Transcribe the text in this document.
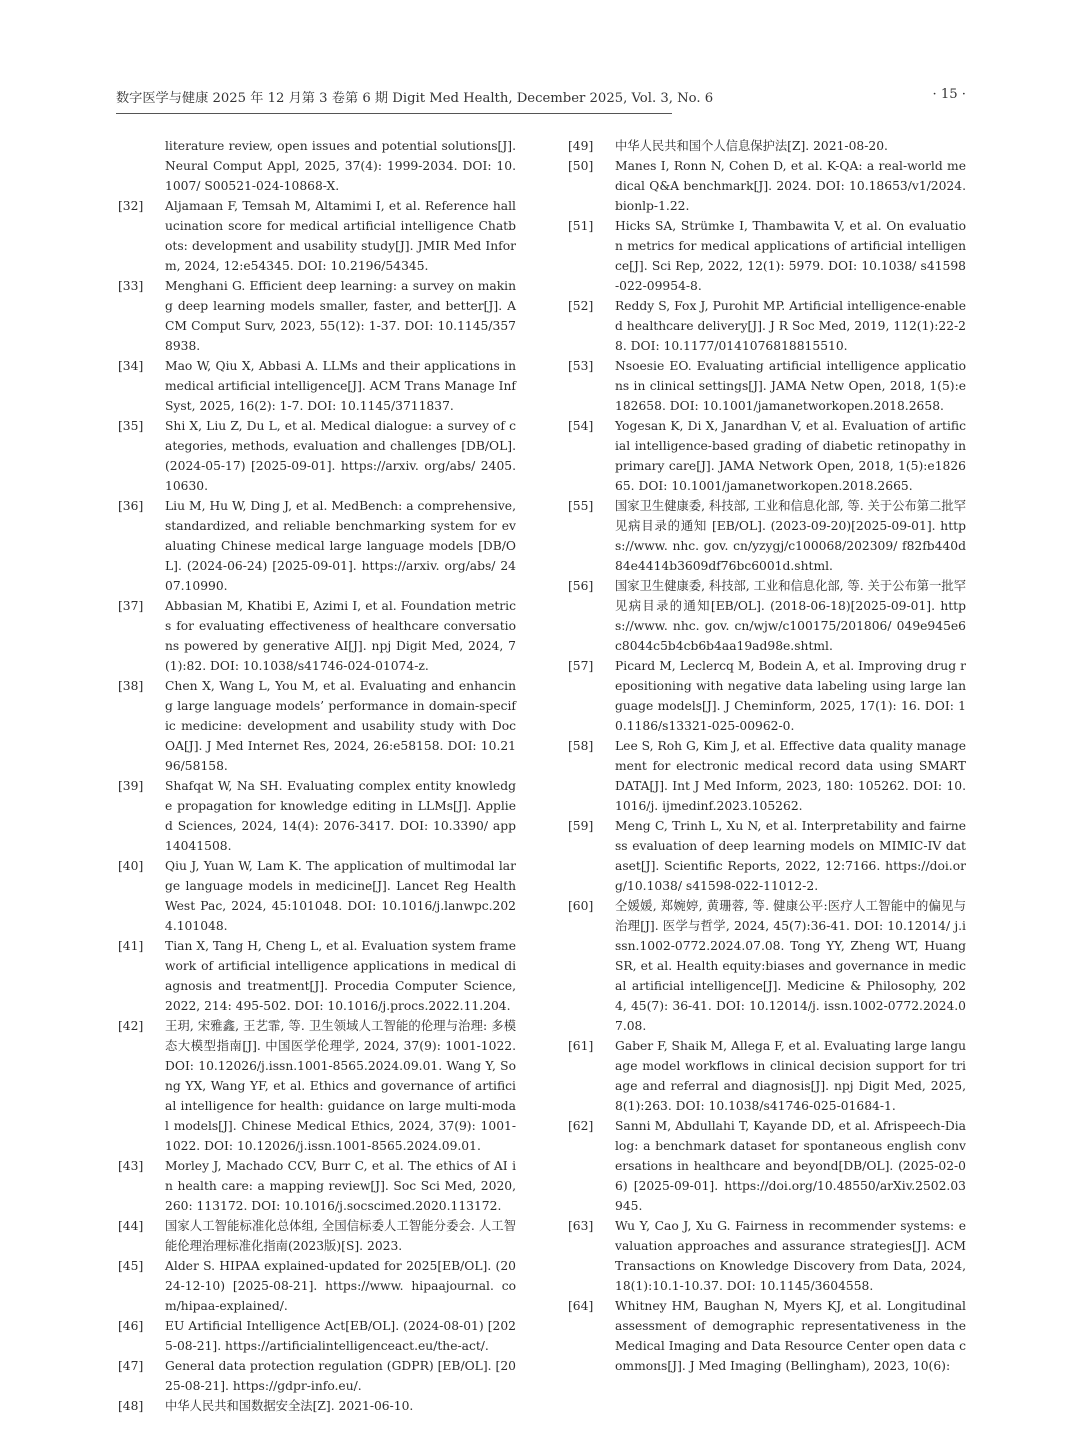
数字医学与健康 2025 年 12 月第 3 卷第 6 期 Digit Med Health, December 2025, Vol. 3, No. 6	· 15 ·
literature review, open issues and potential solutions[J]. Neural Comput Appl, 2025, 37(4): 1999-2034. DOI: 10.1007/ S00521-024-10868-X.
[32]	Aljamaan F, Temsah M, Altamimi I, et al. Reference hallucination score for medical artificial intelligence Chatbots: development and usability study[J]. JMIR Med Inform, 2024, 12:e54345. DOI: 10.2196/54345.
[33]	Menghani G. Efficient deep learning: a survey on making deep learning models smaller, faster, and better[J]. ACM Comput Surv, 2023, 55(12): 1-37. DOI: 10.1145/3578938.
[34]	Mao W, Qiu X, Abbasi A. LLMs and their applications in medical artificial intelligence[J]. ACM Trans Manage Inf Syst, 2025, 16(2): 1-7. DOI: 10.1145/3711837.
[35]	Shi X, Liu Z, Du L, et al. Medical dialogue: a survey of categories, methods, evaluation and challenges [DB/OL]. (2024-05-17) [2025-09-01]. https://arxiv. org/abs/ 2405.10630.
[36]	Liu M, Hu W, Ding J, et al. MedBench: a comprehensive, standardized, and reliable benchmarking system for evaluating Chinese medical large language models [DB/OL]. (2024-06-24) [2025-09-01]. https://arxiv. org/abs/ 2407.10990.
[37]	Abbasian M, Khatibi E, Azimi I, et al. Foundation metrics for evaluating effectiveness of healthcare conversations powered by generative AI[J]. npj Digit Med, 2024, 7(1):82. DOI: 10.1038/s41746-024-01074-z.
[38]	Chen X, Wang L, You M, et al. Evaluating and enhancing large language models’ performance in domain-specific medicine: development and usability study with DocOA[J]. J Med Internet Res, 2024, 26:e58158. DOI: 10.2196/58158.
[39]	Shafqat W, Na SH. Evaluating complex entity knowledge propagation for knowledge editing in LLMs[J]. Applied Sciences, 2024, 14(4): 2076-3417. DOI: 10.3390/ app14041508.
[40]	Qiu J, Yuan W, Lam K. The application of multimodal large language models in medicine[J]. Lancet Reg Health West Pac, 2024, 45:101048. DOI: 10.1016/j.lanwpc.2024.101048.
[41]	Tian X, Tang H, Cheng L, et al. Evaluation system framework of artificial intelligence applications in medical diagnosis and treatment[J]. Procedia Computer Science, 2022, 214: 495-502. DOI: 10.1016/j.procs.2022.11.204.
[42]	王玥, 宋雅鑫, 王艺霏, 等. 卫生领域人工智能的伦理与治理: 多模态大模型指南[J]. 中国医学伦理学, 2024, 37(9): 1001-1022. DOI: 10.12026/j.issn.1001-8565.2024.09.01. Wang Y, Song YX, Wang YF, et al. Ethics and governance of artificial intelligence for health: guidance on large multi-modal models[J]. Chinese Medical Ethics, 2024, 37(9): 1001-1022. DOI: 10.12026/j.issn.1001-8565.2024.09.01.
[43]	Morley J, Machado CCV, Burr C, et al. The ethics of AI in health care: a mapping review[J]. Soc Sci Med, 2020, 260: 113172. DOI: 10.1016/j.socscimed.2020.113172.
[44]	国家人工智能标准化总体组, 全国信标委人工智能分委会. 人工智能伦理治理标准化指南(2023版)[S]. 2023.
[45]	Alder S. HIPAA explained-updated for 2025[EB/OL]. (2024-12-10) [2025-08-21]. https://www. hipaajournal. com/hipaa-explained/.
[46]	EU Artificial Intelligence Act[EB/OL]. (2024-08-01) [2025-08-21]. https://artificialintelligenceact.eu/the-act/.
[47]	General data protection regulation (GDPR) [EB/OL]. [2025-08-21]. https://gdpr-info.eu/.
[48]	中华人民共和国数据安全法[Z]. 2021-06-10.
[49]	中华人民共和国个人信息保护法[Z]. 2021-08-20.
[50]	Manes I, Ronn N, Cohen D, et al. K-QA: a real-world medical Q&A benchmark[J]. 2024. DOI: 10.18653/v1/2024. bionlp-1.22.
[51]	Hicks SA, Strümke I, Thambawita V, et al. On evaluation metrics for medical applications of artificial intelligence[J]. Sci Rep, 2022, 12(1): 5979. DOI: 10.1038/ s41598-022-09954-8.
[52]	Reddy S, Fox J, Purohit MP. Artificial intelligence-enabled healthcare delivery[J]. J R Soc Med, 2019, 112(1):22-28. DOI: 10.1177/0141076818815510.
[53]	Nsoesie EO. Evaluating artificial intelligence applications in clinical settings[J]. JAMA Netw Open, 2018, 1(5):e182658. DOI: 10.1001/jamanetworkopen.2018.2658.
[54]	Yogesan K, Di X, Janardhan V, et al. Evaluation of artificial intelligence-based grading of diabetic retinopathy in primary care[J]. JAMA Network Open, 2018, 1(5):e182665. DOI: 10.1001/jamanetworkopen.2018.2665.
[55]	国家卫生健康委, 科技部, 工业和信息化部, 等. 关于公布第二批罕见病目录的通知 [EB/OL]. (2023-09-20)[2025-09-01]. https://www. nhc. gov. cn/yzygj/c100068/202309/ f82fb440d84e4414b3609df76bc6001d.shtml.
[56]	国家卫生健康委, 科技部, 工业和信息化部, 等. 关于公布第一批罕见病目录的通知[EB/OL]. (2018-06-18)[2025-09-01]. https://www. nhc. gov. cn/wjw/c100175/201806/ 049e945e6c8044c5b4cb6b4aa19ad98e.shtml.
[57]	Picard M, Leclercq M, Bodein A, et al. Improving drug repositioning with negative data labeling using large language models[J]. J Cheminform, 2025, 17(1): 16. DOI: 10.1186/s13321-025-00962-0.
[58]	Lee S, Roh G, Kim J, et al. Effective data quality management for electronic medical record data using SMART DATA[J]. Int J Med Inform, 2023, 180: 105262. DOI: 10.1016/j. ijmedinf.2023.105262.
[59]	Meng C, Trinh L, Xu N, et al. Interpretability and fairness evaluation of deep learning models on MIMIC-IV dataset[J]. Scientific Reports, 2022, 12:7166. https://doi.org/10.1038/ s41598-022-11012-2.
[60]	仝媛媛, 郑婉婷, 黄珊蓉, 等. 健康公平:医疗人工智能中的偏见与治理[J]. 医学与哲学, 2024, 45(7):36-41. DOI: 10.12014/ j.issn.1002-0772.2024.07.08. Tong YY, Zheng WT, Huang SR, et al. Health equity:biases and governance in medical artificial intelligence[J]. Medicine & Philosophy, 2024, 45(7): 36-41. DOI: 10.12014/j. issn.1002-0772.2024.07.08.
[61]	Gaber F, Shaik M, Allega F, et al. Evaluating large language model workflows in clinical decision support for triage and referral and diagnosis[J]. npj Digit Med, 2025, 8(1):263. DOI: 10.1038/s41746-025-01684-1.
[62]	Sanni M, Abdullahi T, Kayande DD, et al. Afrispeech-Dialog: a benchmark dataset for spontaneous english conversations in healthcare and beyond[DB/OL]. (2025-02-06) [2025-09-01]. https://doi.org/10.48550/arXiv.2502.03945.
[63]	Wu Y, Cao J, Xu G. Fairness in recommender systems: evaluation approaches and assurance strategies[J]. ACM Transactions on Knowledge Discovery from Data, 2024, 18(1):10.1-10.37. DOI: 10.1145/3604558.
[64]	Whitney HM, Baughan N, Myers KJ, et al. Longitudinal assessment of demographic representativeness in the Medical Imaging and Data Resource Center open data commons[J]. J Med Imaging (Bellingham), 2023, 10(6):
